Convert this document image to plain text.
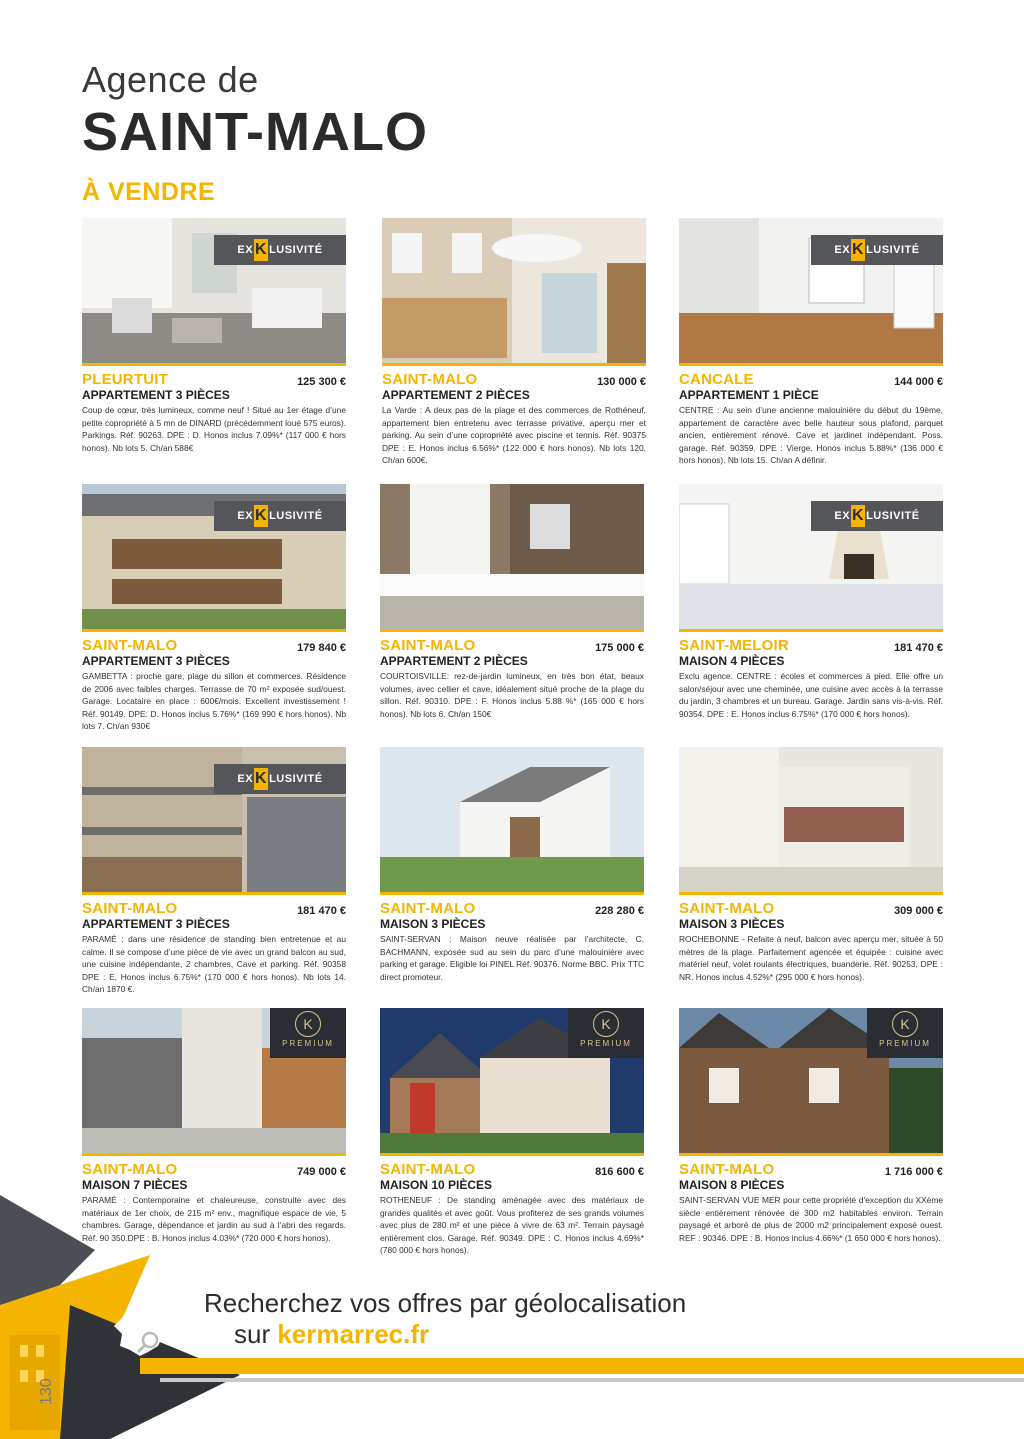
Agence de
SAINT-MALO
À VENDRE
EX K LUSIVITÉ
PLEURTUIT	125 300 €
APPARTEMENT 3 PIÈCES
Coup de cœur, très lumineux, comme neuf ! Situé au 1er étage d’une petite copropriété à 5 mn de DINARD (précédemment loué 575 euros). Parkings. Réf. 90263. DPE : D. Honos inclus 7.09%* (117 000 € hors honos). Nb lots 5. Ch/an 588€
SAINT-MALO	130 000 €
APPARTEMENT 2 PIÈCES
La Varde : A deux pas de la plage et des commerces de Rothéneuf, appartement bien entretenu avec terrasse privative, aperçu mer et parking. Au sein d’une copropriété avec piscine et tennis. Réf. 90375 DPE : E. Honos inclus 6.56%* (122 000 € hors honos). Nb lots 120. Ch/an 600€.
EX K LUSIVITÉ
CANCALE	144 000 €
APPARTEMENT 1 PIÈCE
CENTRE : Au sein d’une ancienne malouinière du début du 19ème, appartement de caractère avec belle hauteur sous plafond, parquet ancien, entièrement rénové. Cave et jardinet indépendant. Poss. garage. Réf. 90359. DPE : Vierge. Honos inclus 5.88%* (136 000 € hors honos). Nb lots 15. Ch/an A définir.
EX K LUSIVITÉ
SAINT-MALO	179 840 €
APPARTEMENT 3 PIÈCES
GAMBETTA : proche gare, plage du sillon et commerces. Résidence de 2006 avec faibles charges. Terrasse de 70 m² exposée sud/ouest. Garage. Locataire en place : 600€/mois. Excellent investissement ! Réf. 90149. DPE: D. Honos inclus 5.76%* (169 990 € hors honos). Nb lots 7. Ch/an 930€
SAINT-MALO	175 000 €
APPARTEMENT 2 PIÈCES
COURTOISVILLE: rez-de-jardin lumineux, en très bon état, beaux volumes, avec cellier et cave, idéalement situé proche de la plage du sillon. Réf. 90310. DPE : F. Honos inclus 5.88 %* (165 000 € hors honos). Nb lots 6. Ch/an 150€
EX K LUSIVITÉ
SAINT-MELOIR	181 470 €
MAISON 4 PIÈCES
Exclu agence. CENTRE : écoles et commerces à pied. Elle offre un salon/séjour avec une cheminée, une cuisine avec accès à la terrasse du jardin, 3 chambres et un bureau. Garage. Jardin sans vis-à-vis. Réf. 90354. DPE : E. Honos inclus 6.75%* (170 000 € hors honos).
EX K LUSIVITÉ
SAINT-MALO	181 470 €
APPARTEMENT 3 PIÈCES
PARAMÉ : dans une résidence de standing bien entretenue et au calme. Il se compose d’une pièce de vie avec un grand balcon au sud, une cuisine indépendante, 2 chambres, Cave et parking. Réf. 90358 DPE : E, Honos inclus 6.75%* (170 000 € hors honos). Nb lots 14. Ch/an 1870 €.
SAINT-MALO	228 280 €
MAISON 3 PIÈCES
SAINT-SERVAN : Maison neuve réalisée par l’architecte, C. BACHMANN, exposée sud au sein du parc d’une malouinière avec parking et garage. Eligible loi PINEL Réf. 90376. Norme BBC. Prix TTC direct promoteur.
SAINT-MALO	309 000 €
MAISON 3 PIÈCES
ROCHEBONNE - Refaite à neuf, balcon avec aperçu mer, située à 50 mètres de la plage. Parfaitement agencée et équipée : cuisine avec matériel neuf, volet roulants électriques, buanderie. Réf. 90253, DPE : NR. Honos inclus 4.52%* (295 000 € hors honos).
K
PREMIUM
SAINT-MALO	749 000 €
MAISON 7 PIÈCES
PARAMÉ : Contemporaine et chaleureuse, construite avec des matériaux de 1er choix, de 215 m² env., magnifique espace de vie, 5 chambres. Garage, dépendance et jardin au sud à l’abri des regards. Réf. 90 350.DPE : B. Honos inclus 4.03%* (720 000 € hors honos).
K
PREMIUM
SAINT-MALO	816 600 €
MAISON 10 PIÈCES
ROTHENEUF : De standing aménagée avec des matériaux de grandes qualités et avec goût. Vous profiterez de ses grands volumes avec plus de 280 m² et une pièce à vivre de 63 m². Terrain paysagé entièrement clos. Garage. Réf. 90349. DPE : C. Honos inclus 4.69%* (780 000 € hors honos).
K
PREMIUM
SAINT-MALO	1 716 000 €
MAISON 8 PIÈCES
SAINT-SERVAN VUE MER pour cette propriété d’exception du XXème siècle entièrement rénovée de 300 m2 habitables environ. Terrain paysagé et arboré de plus de 2000 m2 principalement exposé ouest. REF : 90346. DPE : B. Honos inclus 4.66%* (1 650 000 € hors honos).
130
Recherchez vos offres par géolocalisation
sur kermarrec.fr
